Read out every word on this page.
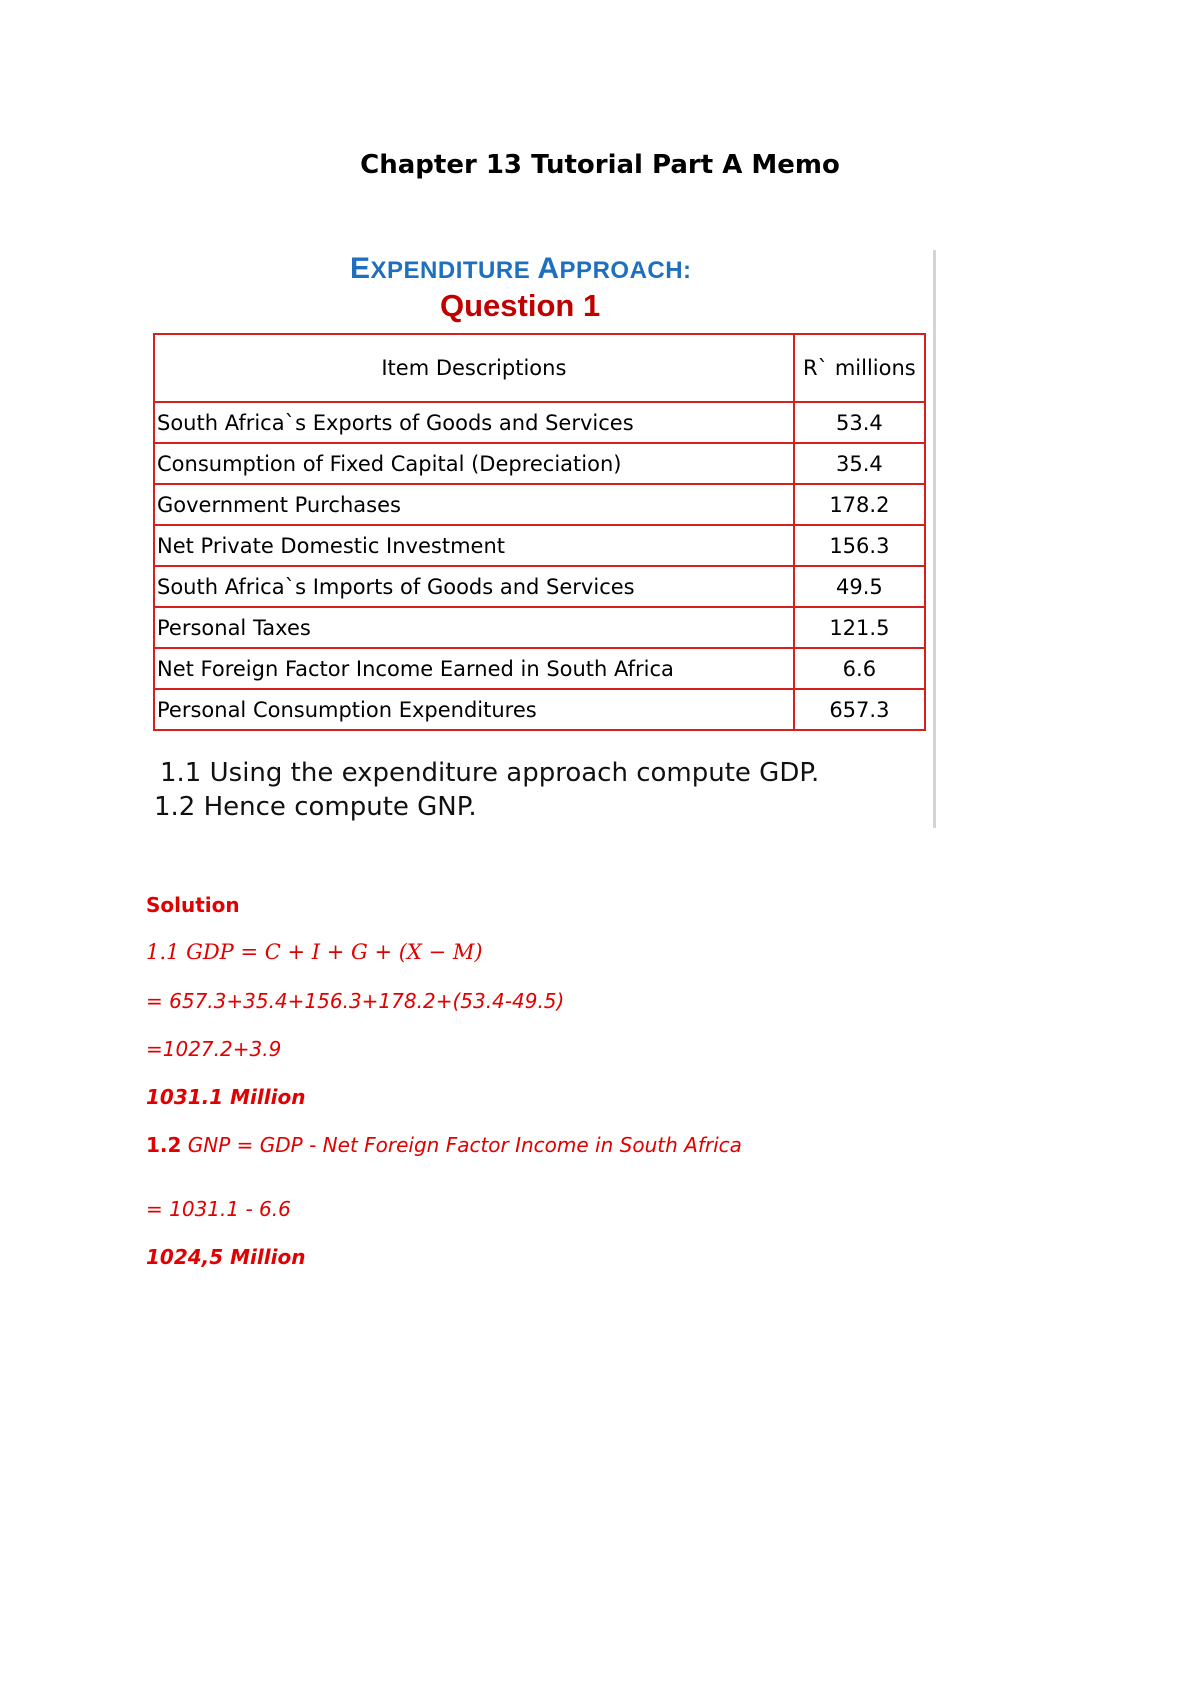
Chapter 13 Tutorial Part A Memo
EXPENDITURE APPROACH:
Question 1
Item Descriptions	R` millions
South Africa`s Exports of Goods and Services	53.4
Consumption of Fixed Capital (Depreciation)	35.4
Government Purchases	178.2
Net Private Domestic Investment	156.3
South Africa`s Imports of Goods and Services	49.5
Personal Taxes	121.5
Net Foreign Factor Income Earned in South Africa	6.6
Personal Consumption Expenditures	657.3
1.1 Using the expenditure approach compute GDP.
1.2 Hence compute GNP.
Solution
1.1 GDP = C + I + G + (X − M)
= 657.3+35.4+156.3+178.2+(53.4-49.5)
=1027.2+3.9
1031.1 Million
1.2 GNP = GDP - Net Foreign Factor Income in South Africa
= 1031.1 - 6.6
1024,5 Million
